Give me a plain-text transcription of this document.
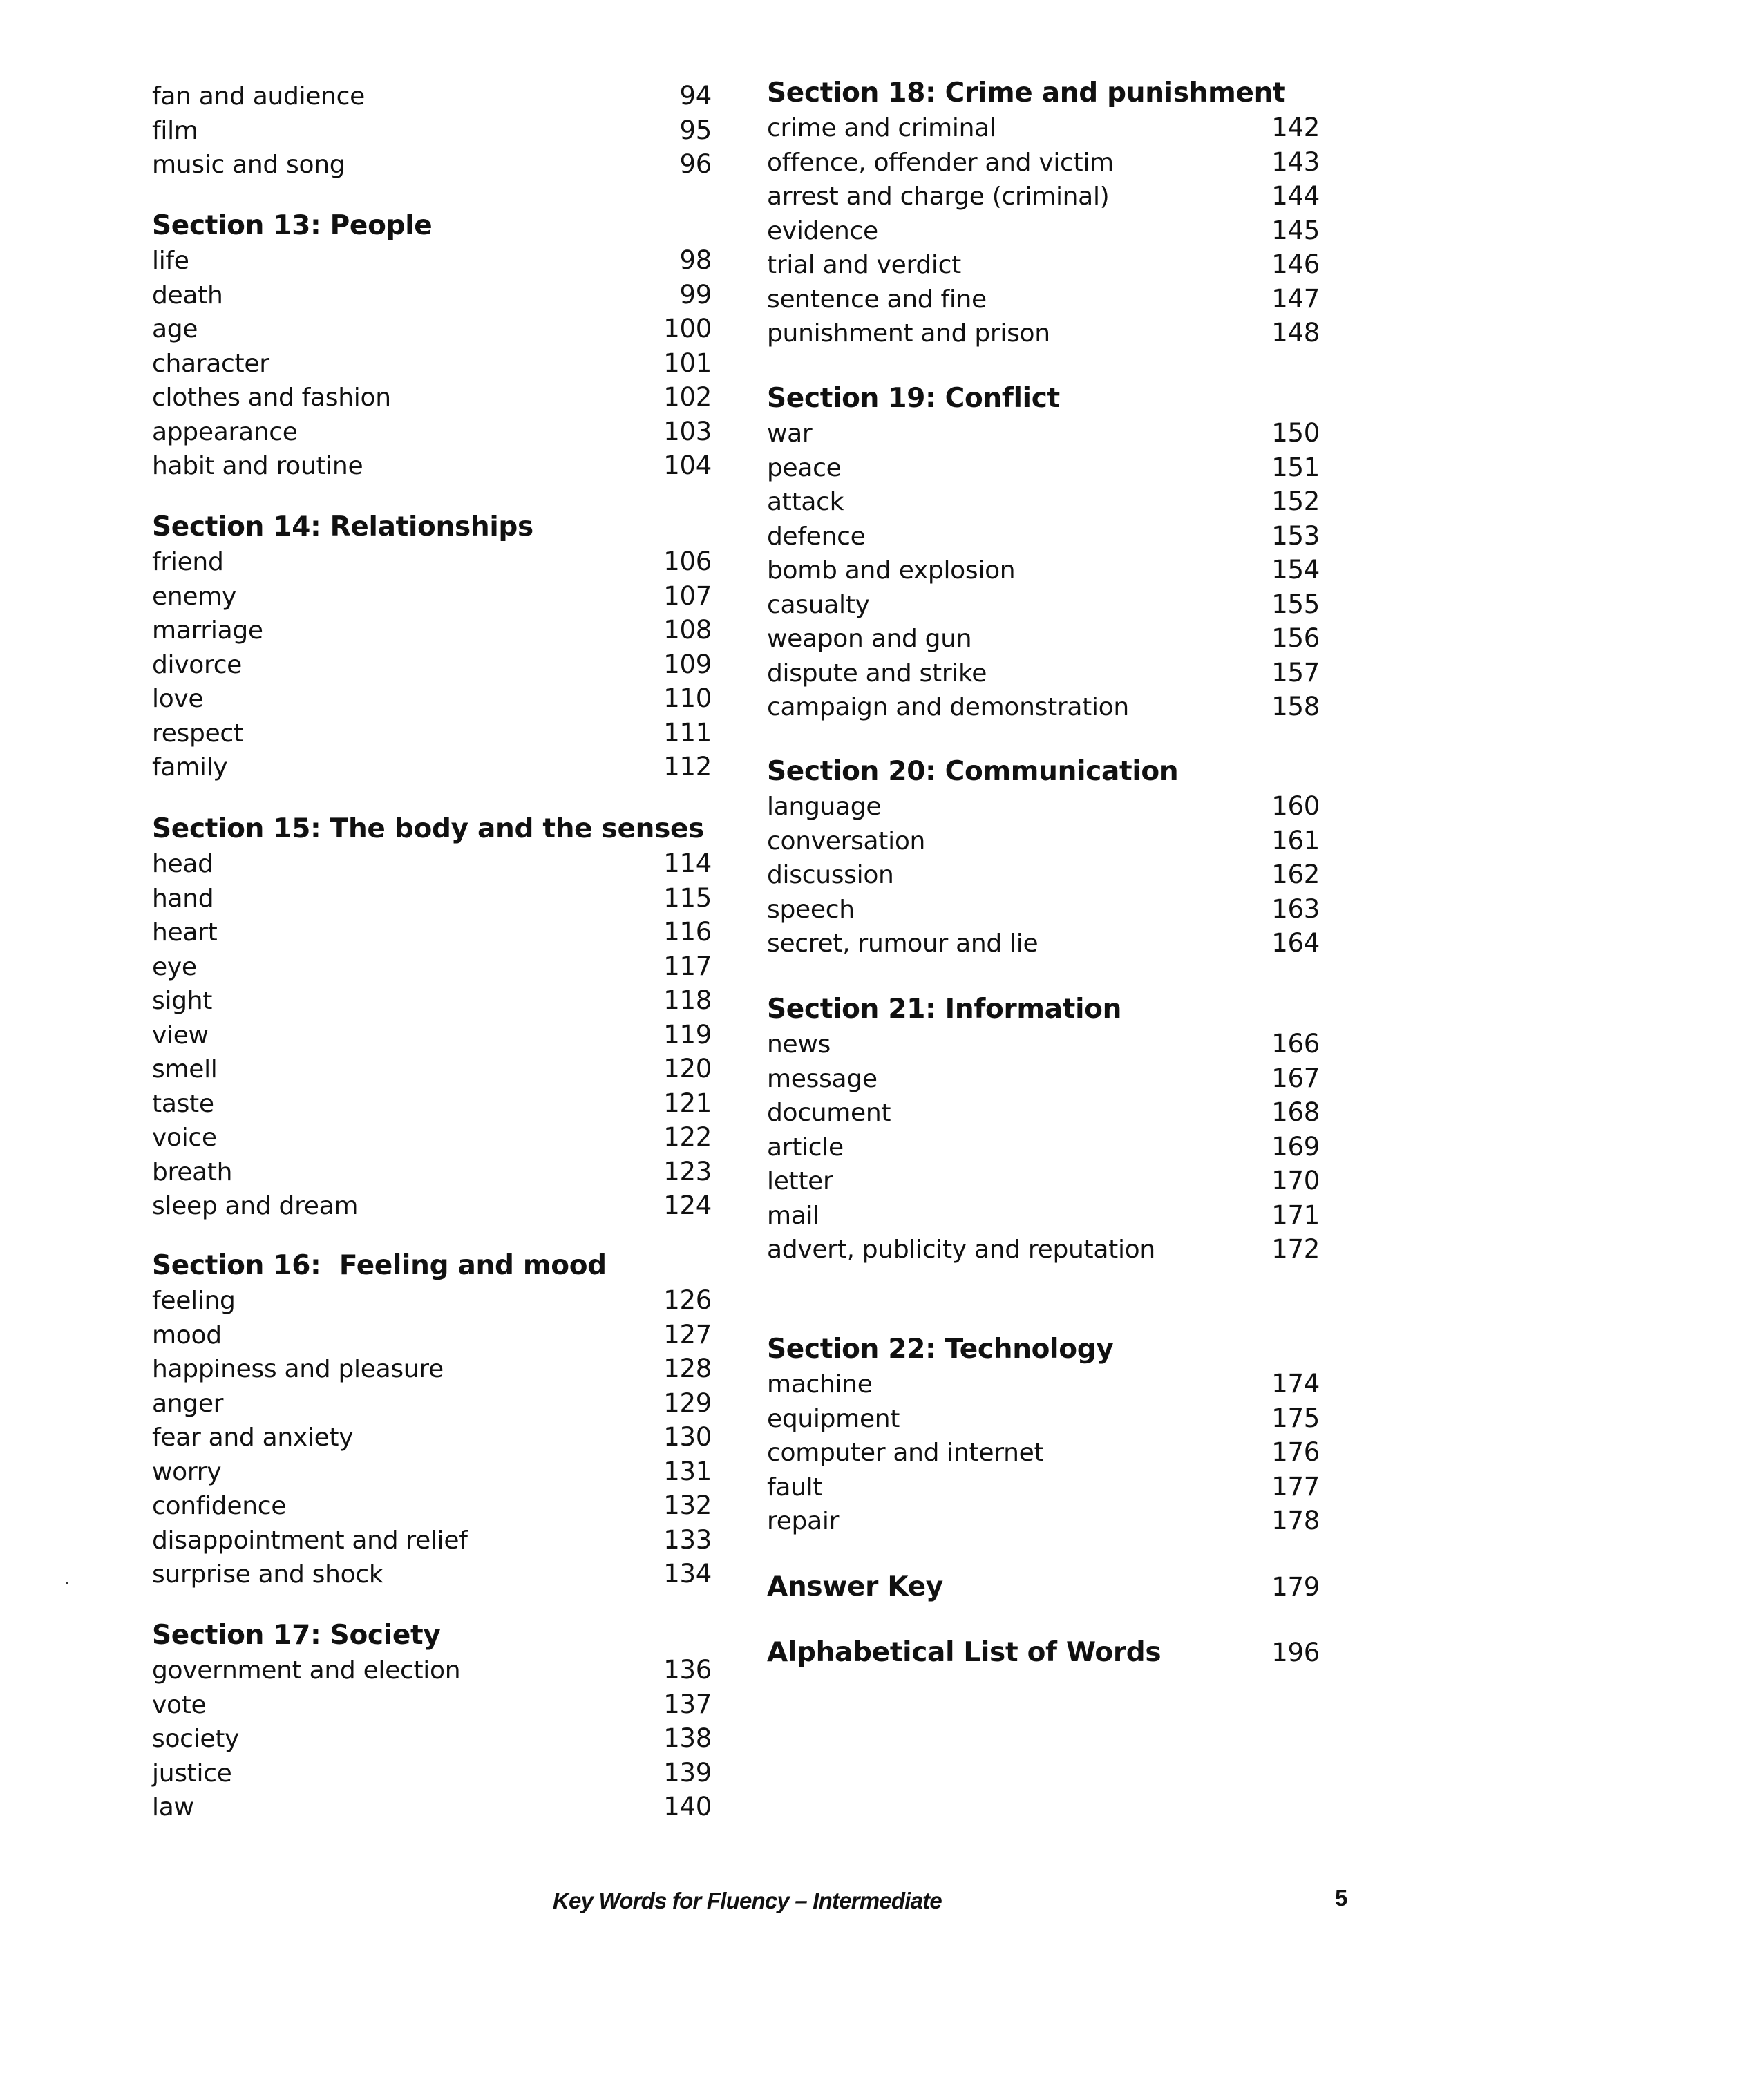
fan and audience	94
film	95
music and song	96
Section 13: People
life	98
death	99
age	100
character	101
clothes and fashion	102
appearance	103
habit and routine	104
Section 14: Relationships
friend	106
enemy	107
marriage	108
divorce	109
love	110
respect	111
family	112
Section 15: The body and the senses
head	114
hand	115
heart	116
eye	117
sight	118
view	119
smell	120
taste	121
voice	122
breath	123
sleep and dream	124
Section 16:  Feeling and mood
feeling	126
mood	127
happiness and pleasure	128
anger	129
fear and anxiety	130
worry	131
confidence	132
disappointment and relief	133
surprise and shock	134
Section 17: Society
government and election	136
vote	137
society	138
justice	139
law	140
Section 18: Crime and punishment
crime and criminal	142
offence, offender and victim	143
arrest and charge (criminal)	144
evidence	145
trial and verdict	146
sentence and fine	147
punishment and prison	148
Section 19: Conflict
war	150
peace	151
attack	152
defence	153
bomb and explosion	154
casualty	155
weapon and gun	156
dispute and strike	157
campaign and demonstration	158
Section 20: Communication
language	160
conversation	161
discussion	162
speech	163
secret, rumour and lie	164
Section 21: Information
news	166
message	167
document	168
article	169
letter	170
mail	171
advert, publicity and reputation	172
Section 22: Technology
machine	174
equipment	175
computer and internet	176
fault	177
repair	178
Answer Key	179
Alphabetical List of Words	196
Key Words for Fluency – Intermediate	5
